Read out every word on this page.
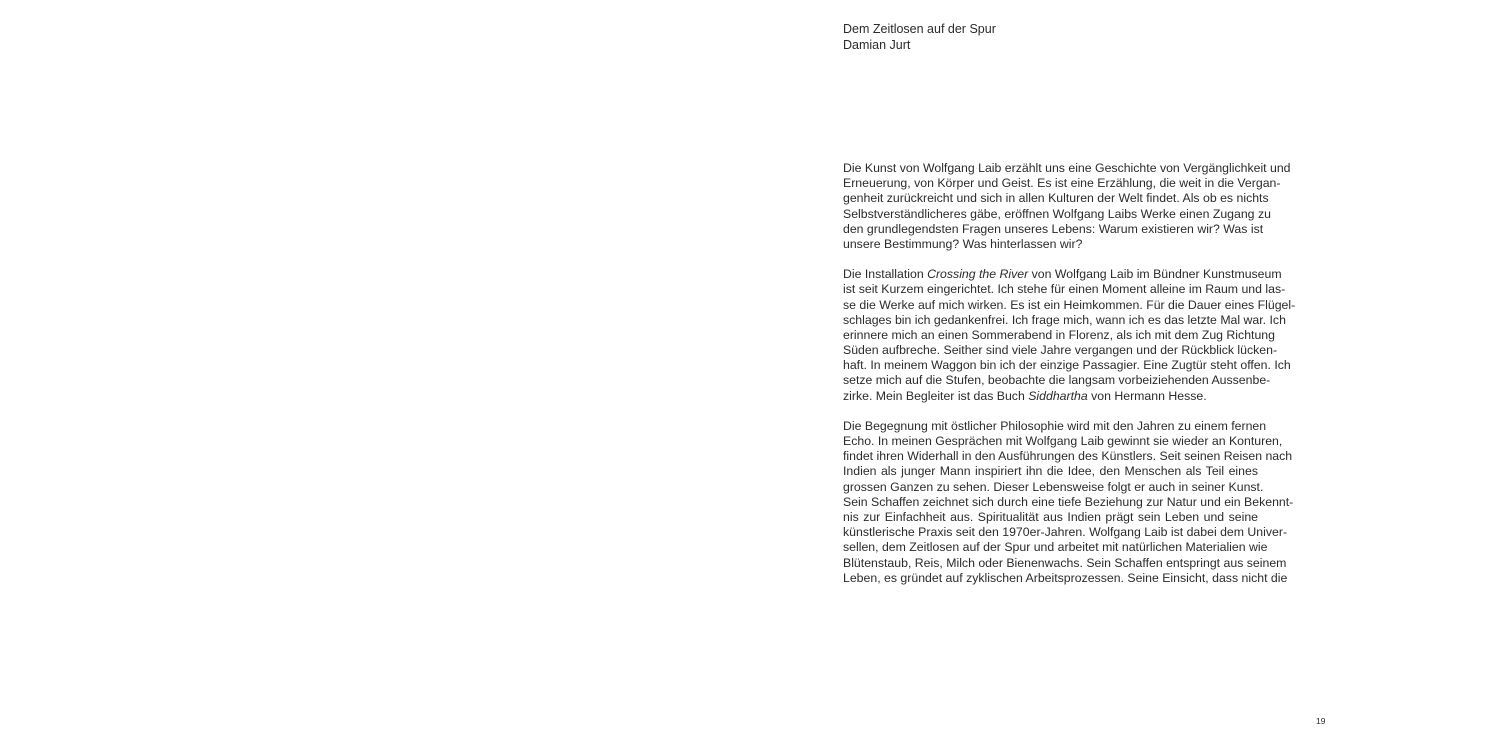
Dem Zeitlosen auf der Spur
Damian Jurt
Die Kunst von Wolfgang Laib erzählt uns eine Geschichte von Vergänglichkeit und
Erneuerung, von Körper und Geist. Es ist eine Erzählung, die weit in die Vergan-
genheit zurückreicht und sich in allen Kulturen der Welt findet. Als ob es nichts
Selbstverständlicheres gäbe, eröffnen Wolfgang Laibs Werke einen Zugang zu
den grundlegendsten Fragen unseres Lebens: Warum existieren wir? Was ist
unsere Bestimmung? Was hinterlassen wir?
Die Installation Crossing the River von Wolfgang Laib im Bündner Kunstmuseum
ist seit Kurzem eingerichtet. Ich stehe für einen Moment alleine im Raum und las-
se die Werke auf mich wirken. Es ist ein Heimkommen. Für die Dauer eines Flügel-
schlages bin ich gedankenfrei. Ich frage mich, wann ich es das letzte Mal war. Ich
erinnere mich an einen Sommerabend in Florenz, als ich mit dem Zug Richtung
Süden aufbreche. Seither sind viele Jahre vergangen und der Rückblick lücken-
haft. In meinem Waggon bin ich der einzige Passagier. Eine Zugtür steht offen. Ich
setze mich auf die Stufen, beobachte die langsam vorbeiziehenden Aussenbe-
zirke. Mein Begleiter ist das Buch Siddhartha von Hermann Hesse.
Die Begegnung mit östlicher Philosophie wird mit den Jahren zu einem fernen
Echo. In meinen Gesprächen mit Wolfgang Laib gewinnt sie wieder an Konturen,
findet ihren Widerhall in den Ausführungen des Künstlers. Seit seinen Reisen nach
Indien als junger Mann inspiriert ihn die Idee, den Menschen als Teil eines
grossen Ganzen zu sehen. Dieser Lebensweise folgt er auch in seiner Kunst.
Sein Schaffen zeichnet sich durch eine tiefe Beziehung zur Natur und ein Bekennt-
nis zur Einfachheit aus. Spiritualität aus Indien prägt sein Leben und seine
künstlerische Praxis seit den 1970er-Jahren. Wolfgang Laib ist dabei dem Univer-
sellen, dem Zeitlosen auf der Spur und arbeitet mit natürlichen Materialien wie
Blütenstaub, Reis, Milch oder Bienenwachs. Sein Schaffen entspringt aus seinem
Leben, es gründet auf zyklischen Arbeitsprozessen. Seine Einsicht, dass nicht die
19
